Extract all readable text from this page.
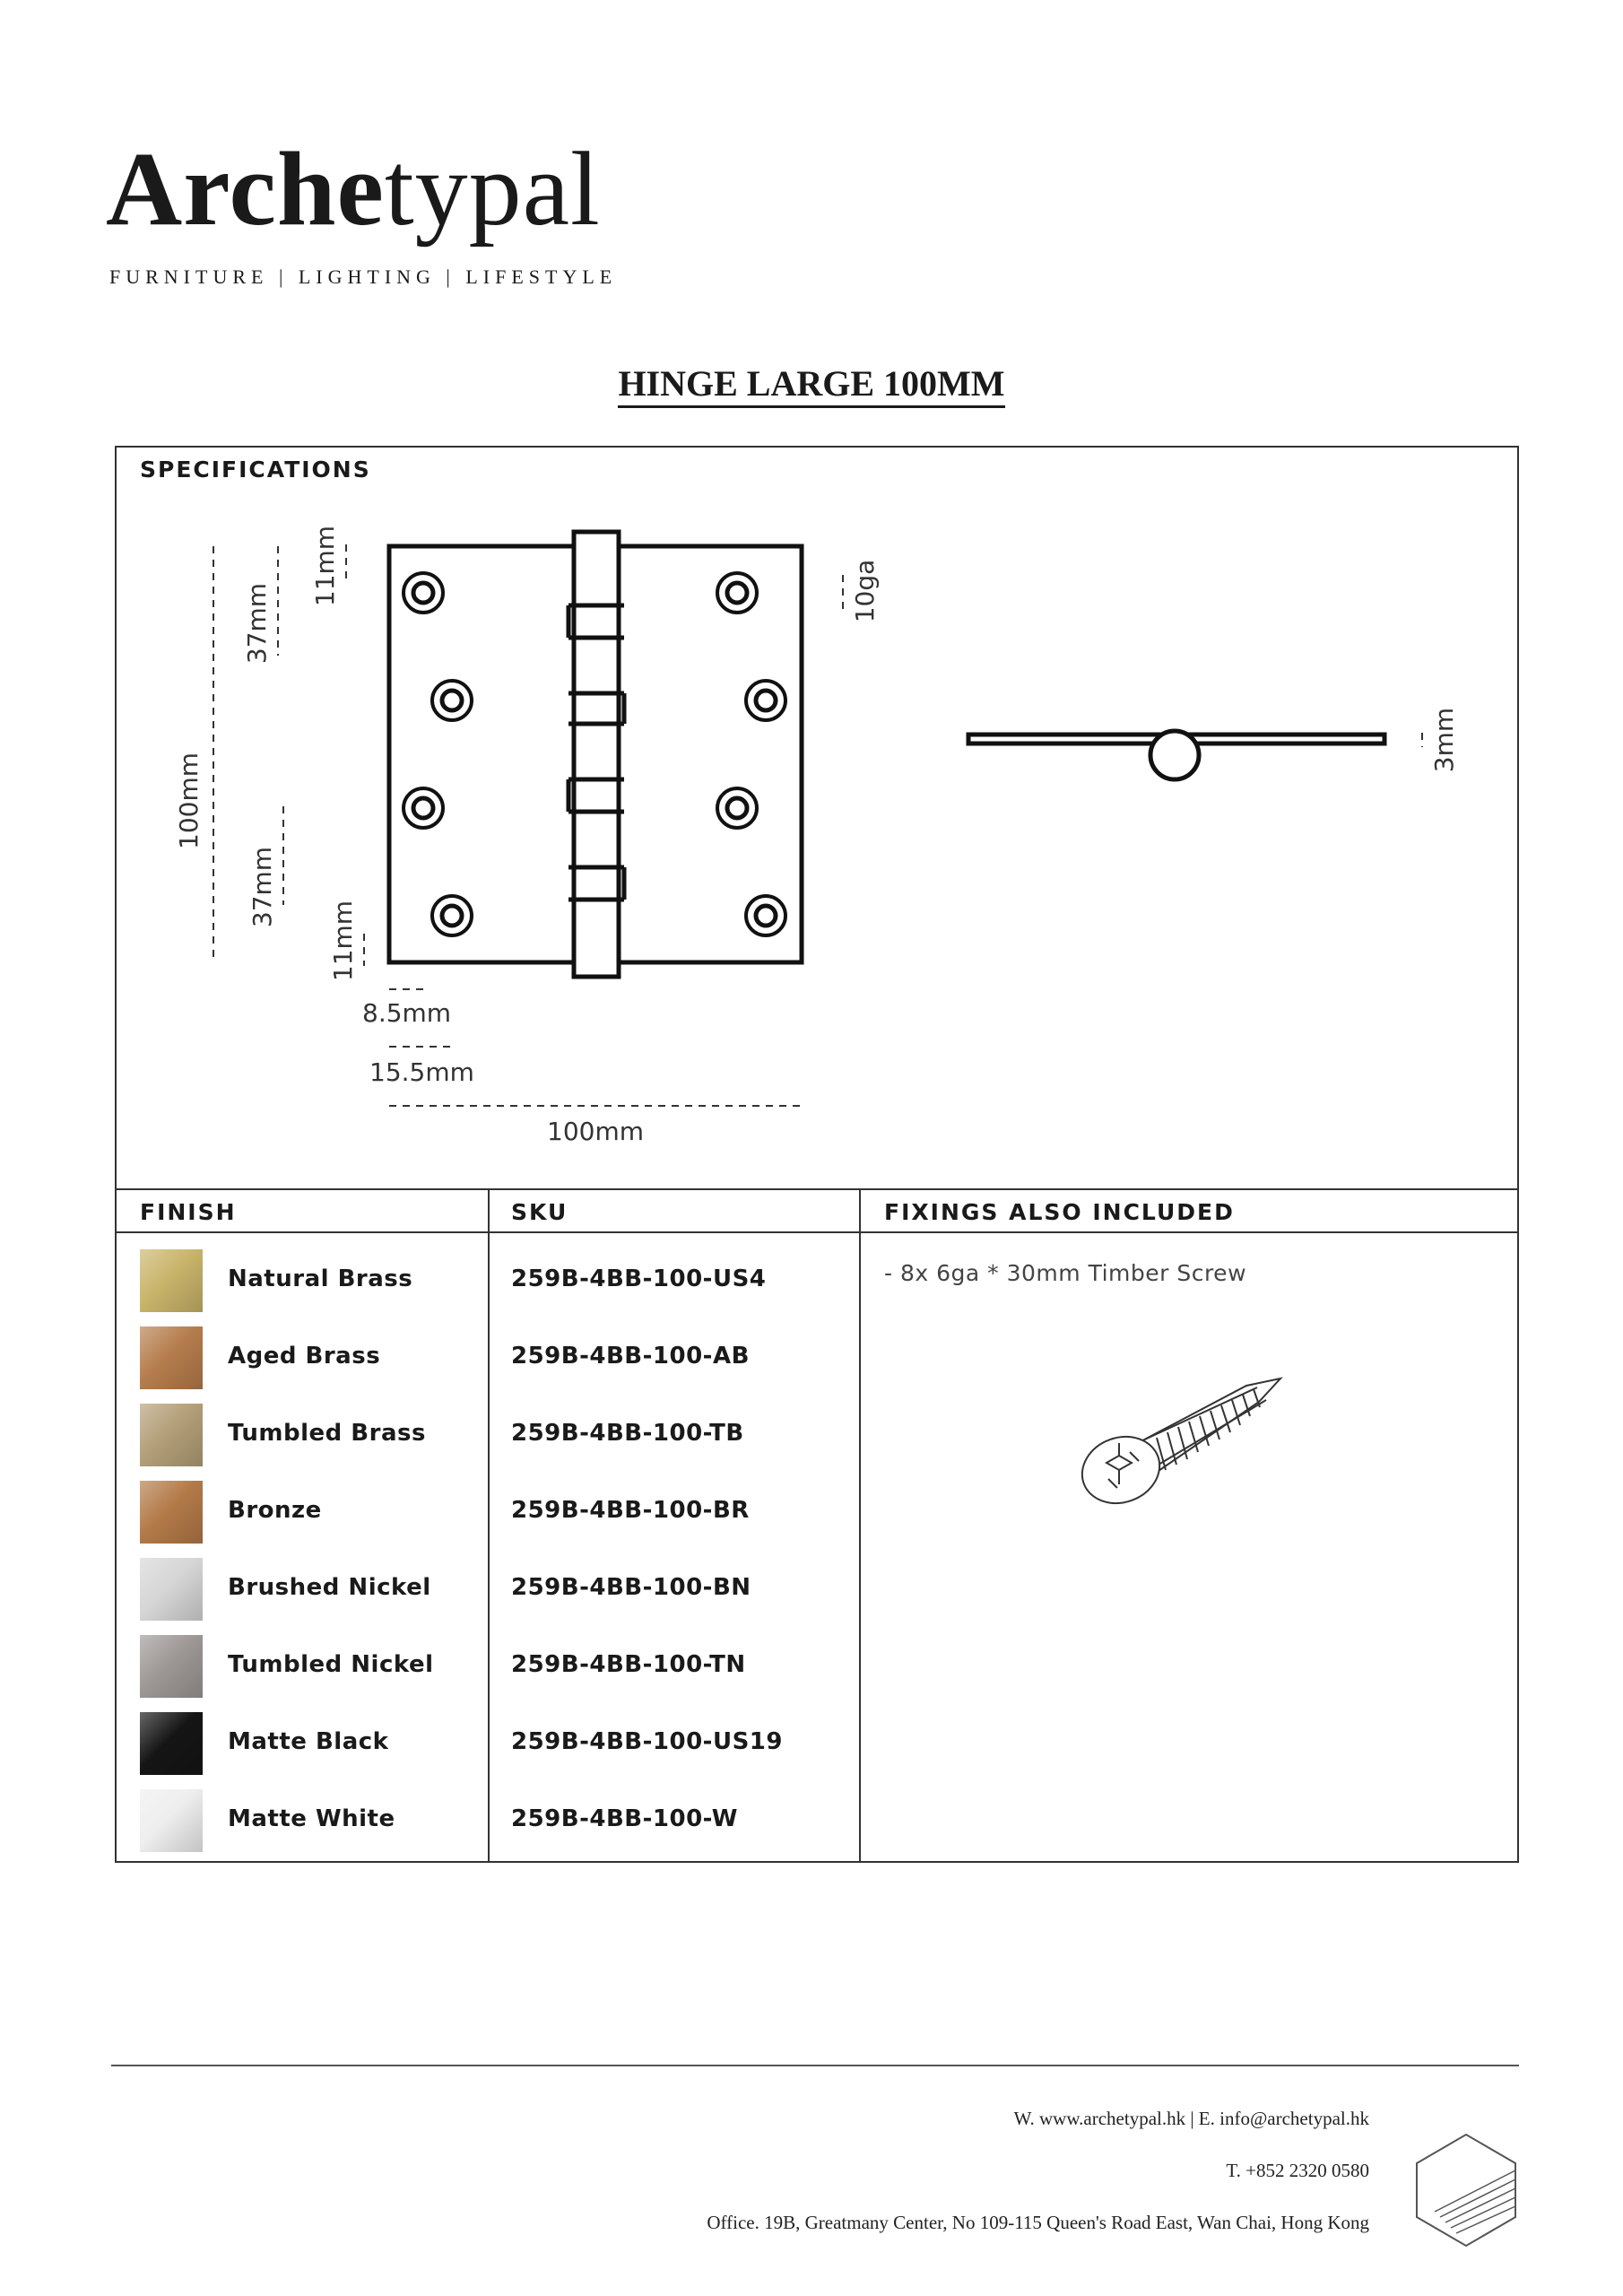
Archetypal
FURNITURE | LIGHTING | LIFESTYLE
HINGE LARGE 100MM
SPECIFICATIONS
100mm
37mm
37mm
11mm
11mm
10ga
3mm
8.5mm
15.5mm
100mm
FINISH	SKU	FIXINGS ALSO INCLUDED
Natural Brass	259B-4BB-100-US4
Aged Brass	259B-4BB-100-AB
Tumbled Brass	259B-4BB-100-TB
Bronze	259B-4BB-100-BR
Brushed Nickel	259B-4BB-100-BN
Tumbled Nickel	259B-4BB-100-TN
Matte Black	259B-4BB-100-US19
Matte White	259B-4BB-100-W
- 8x 6ga * 30mm Timber Screw
W. www.archetypal.hk | E. info@archetypal.hk
T. +852 2320 0580
Office. 19B, Greatmany Center, No 109-115 Queen's Road East, Wan Chai, Hong Kong
